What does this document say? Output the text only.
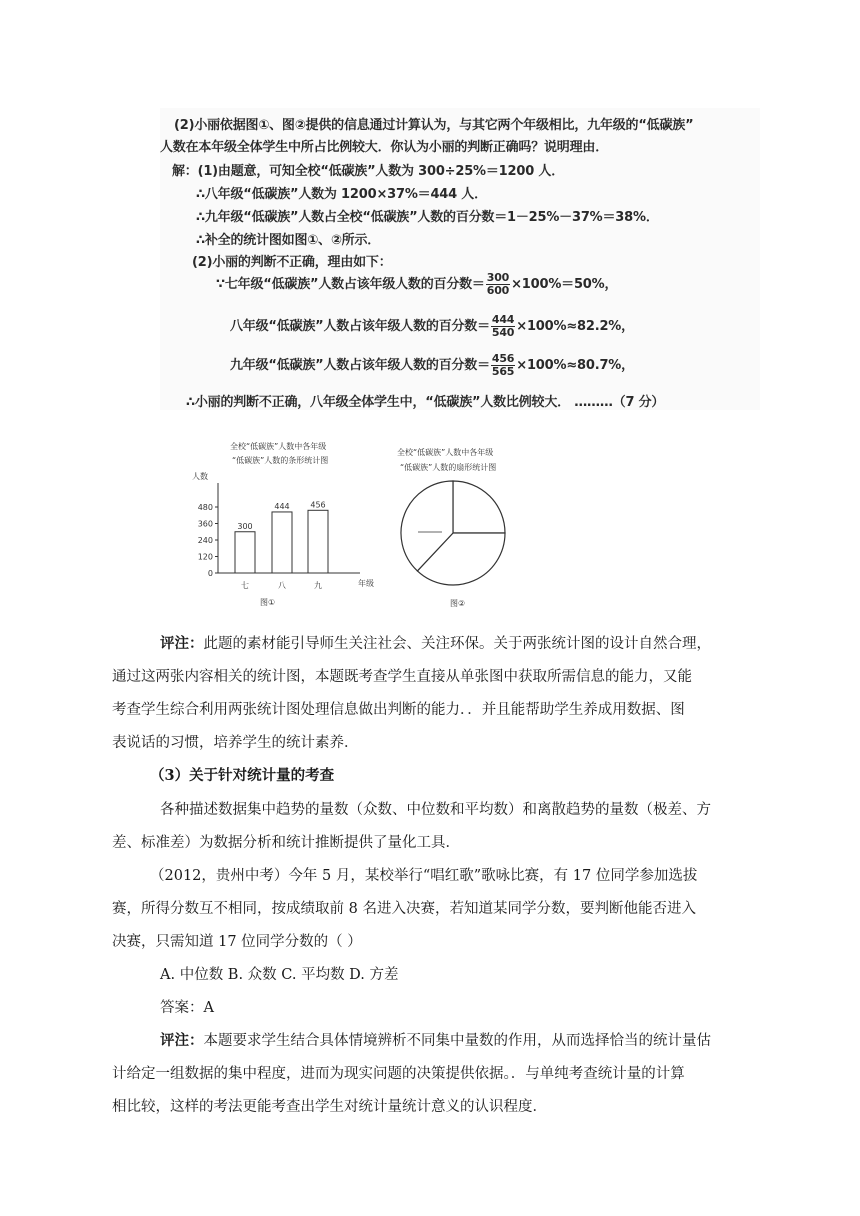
(2)小丽依据图①、图②提供的信息通过计算认为，与其它两个年级相比，九年级的“低碳族”
人数在本年级全体学生中所占比例较大．你认为小丽的判断正确吗？说明理由．
解：(1)由题意，可知全校“低碳族”人数为 300÷25%＝1200 人．
∴八年级“低碳族”人数为 1200×37%＝444 人．
∴九年级“低碳族”人数占全校“低碳族”人数的百分数＝1－25%－37%＝38%．
∴补全的统计图如图①、②所示．
(2)小丽的判断不正确，理由如下：
∵七年级“低碳族”人数占该年级人数的百分数＝ $\frac{300}{600} \times 100\%=50\%$，
八年级“低碳族”人数占该年级人数的百分数＝ $\frac{444}{540} \times 100\%\approx 82.2\%$，
九年级“低碳族”人数占该年级人数的百分数＝ $\frac{456}{565} \times 100\%\approx 80.7\%$，
∴小丽的判断不正确，八年级全体学生中，“低碳族”人数比例较大． ………（7 分）
全校“低碳族”人数中各年级
“低碳族”人数的条形统计图
人数
年级
图①
全校“低碳族”人数中各年级
“低碳族”人数的扇形统计图
图②
0
120
240
360
480
300
七
444
八
456
九
评注：此题的素材能引导师生关注社会、关注环保。关于两张统计图的设计自然合理，
通过这两张内容相关的统计图，本题既考查学生直接从单张图中获取所需信息的能力，又能
考查学生综合利用两张统计图处理信息做出判断的能力．．并且能帮助学生养成用数据、图
表说话的习惯，培养学生的统计素养．
（3）关于针对统计量的考查
各种描述数据集中趋势的量数（众数、中位数和平均数）和离散趋势的量数（极差、方
差、标准差）为数据分析和统计推断提供了量化工具．
（2012，贵州中考）今年 5 月，某校举行“唱红歌”歌咏比赛，有 17 位同学参加选拔
赛，所得分数互不相同，按成绩取前 8 名进入决赛，若知道某同学分数，要判断他能否进入
决赛，只需知道 17 位同学分数的（ ）
A. 中位数 B. 众数 C. 平均数 D. 方差
答案：A
评注：本题要求学生结合具体情境辨析不同集中量数的作用，从而选择恰当的统计量估
计给定一组数据的集中程度，进而为现实问题的决策提供依据。．与单纯考查统计量的计算
相比较，这样的考法更能考查出学生对统计量统计意义的认识程度．
